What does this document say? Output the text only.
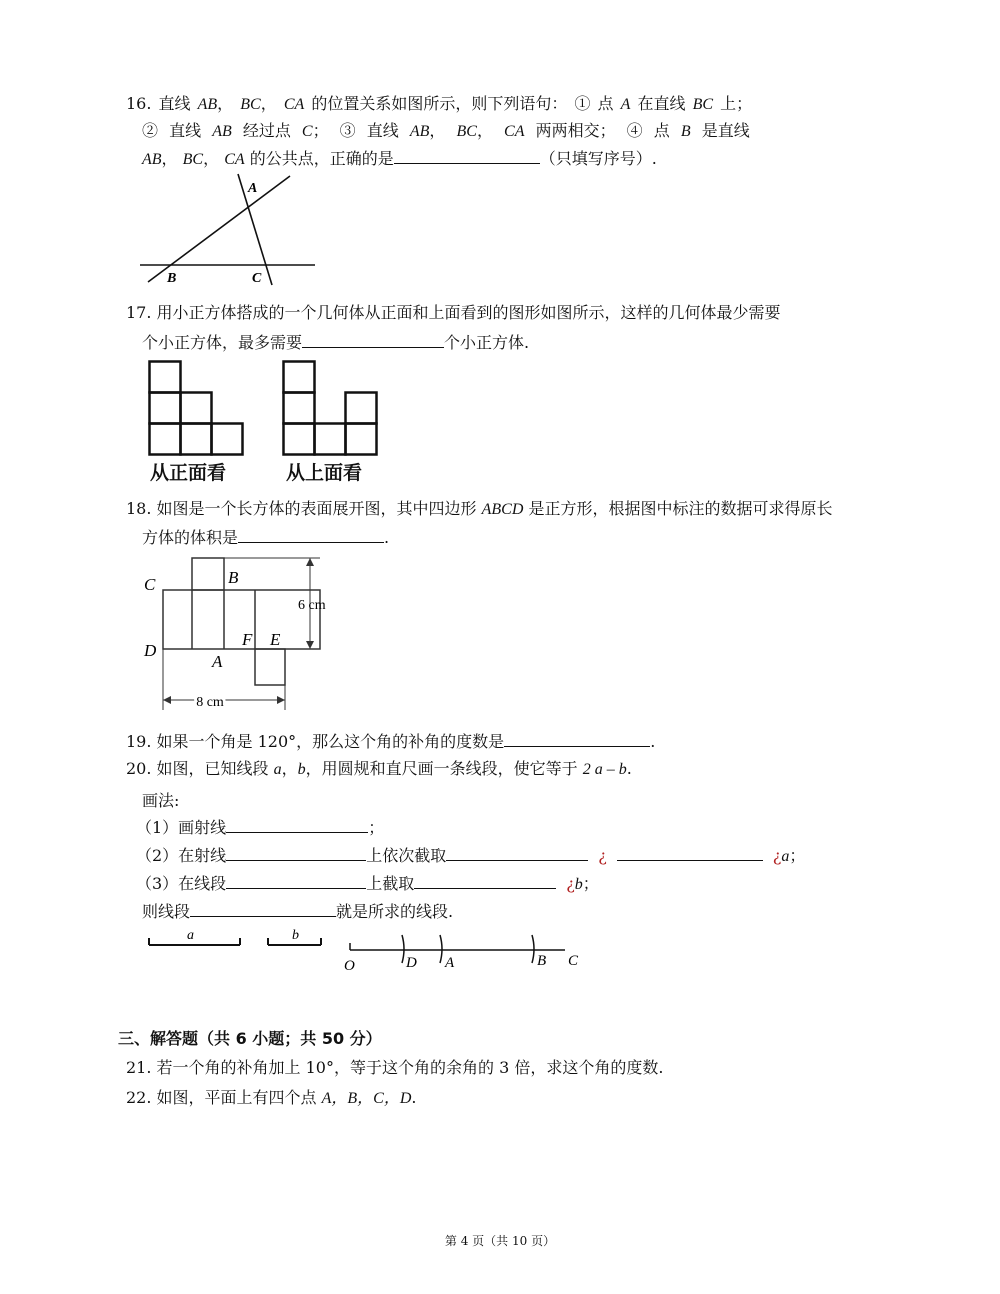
16. 直线 AB， BC， CA 的位置关系如图所示，则下列语句： ① 点 A 在直线 BC 上；
② 直线 AB 经过点 C； ③ 直线 AB， BC， CA 两两相交； ④ 点 B 是直线
AB， BC， CA 的公共点，正确的是	（只填写序号）.
A
B	C
17. 用小正方体搭成的一个几何体从正面和上面看到的图形如图所示，这样的几何体最少需要
个小正方体，最多需要	个小正方体.
从正面看	从上面看
18. 如图是一个长方体的表面展开图，其中四边形 ABCD 是正方形，根据图中标注的数据可求得原长
方体的体积是	.
C	B
D
A
F E
6 cm
8 cm
19. 如果一个角是 120°，那么这个角的补角的度数是	.
20. 如图，已知线段 a，b，用圆规和直尺画一条线段，使它等于 2 a – b.
画法:
（1）画射线	；
（2）在射线	上依次截取	¿	¿a；
（3）在线段	上截取	¿b；
则线段	就是所求的线段.
a	b
O	D A	B C
三、解答题（共 6 小题；共 50 分）
21. 若一个角的补角加上 10°，等于这个角的余角的 3 倍，求这个角的度数.
22. 如图，平面上有四个点 A，B，C，D.
第 4 页（共 10 页）
